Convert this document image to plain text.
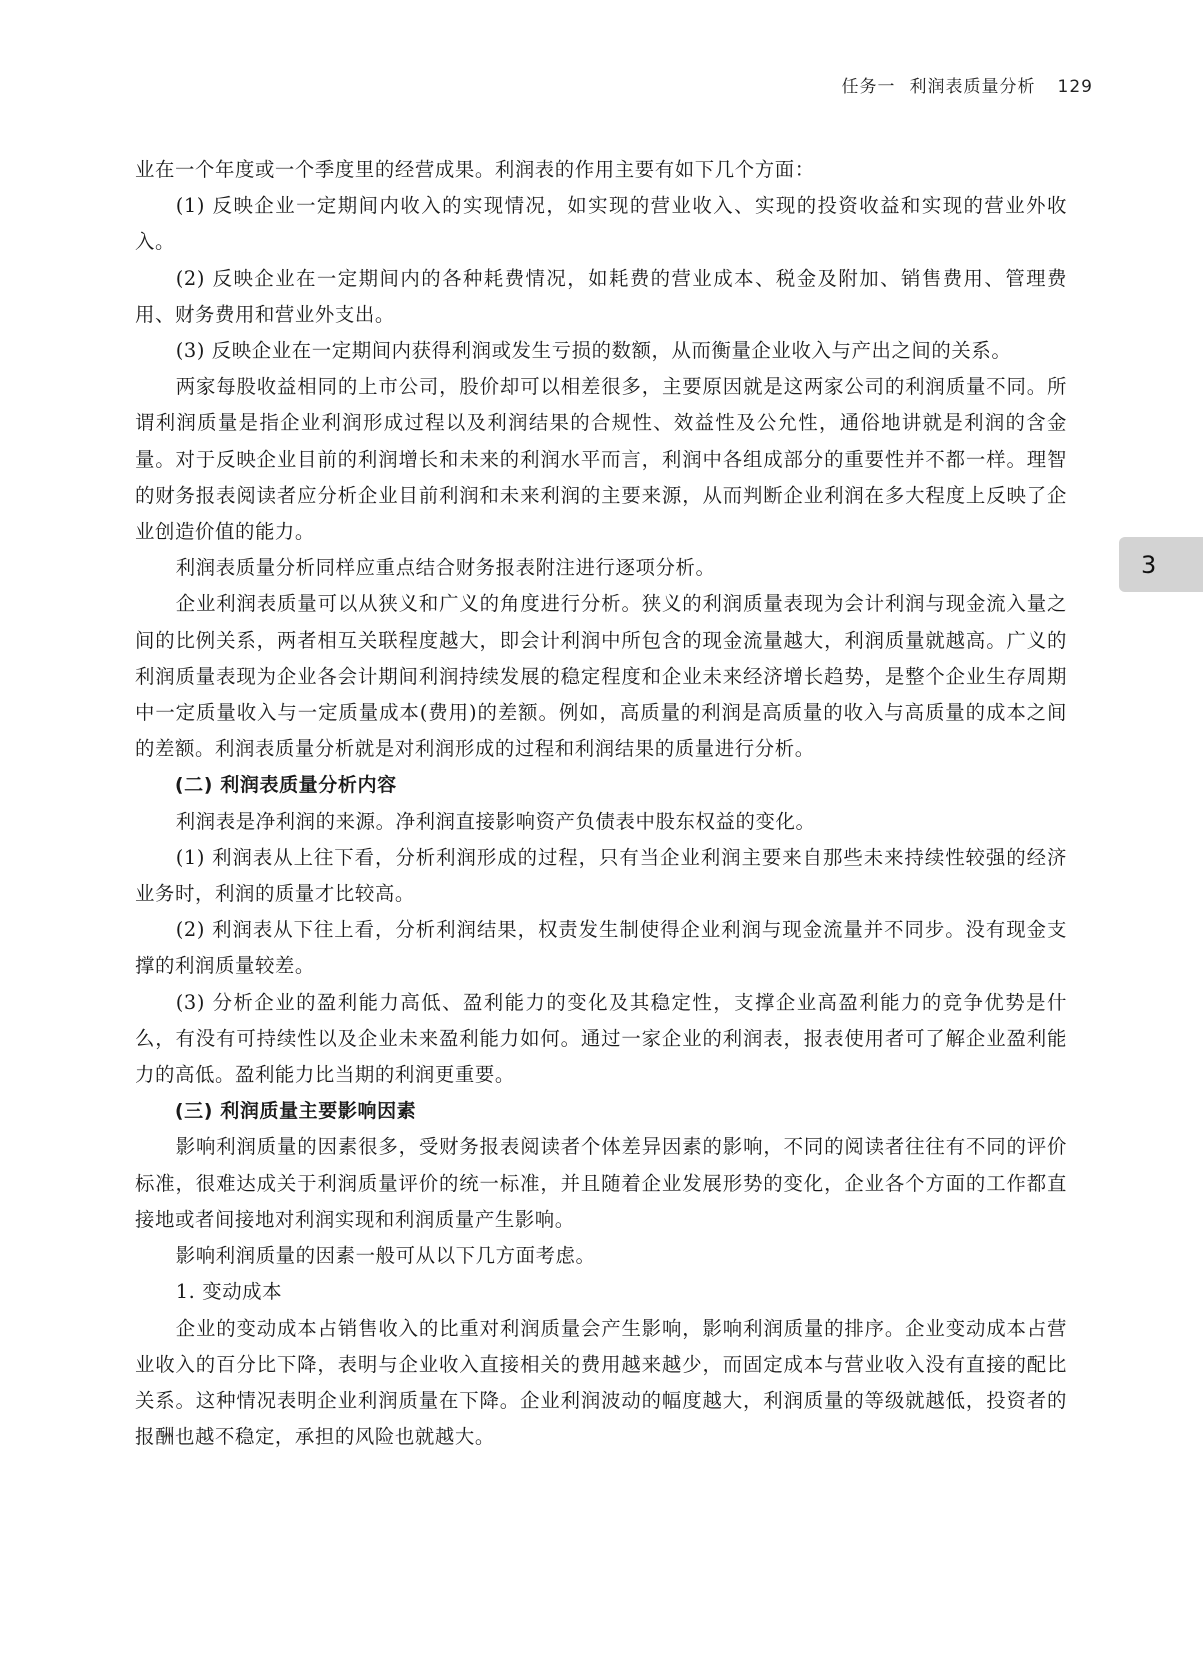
任务一 利润表质量分析 129
3

业在一个年度或一个季度里的经营成果。利润表的作用主要有如下几个方面：

(1) 反映企业一定期间内收入的实现情况，如实现的营业收入、实现的投资收益和实现的营业外收入。

(2) 反映企业在一定期间内的各种耗费情况，如耗费的营业成本、税金及附加、销售费用、管理费用、财务费用和营业外支出。

(3) 反映企业在一定期间内获得利润或发生亏损的数额，从而衡量企业收入与产出之间的关系。

两家每股收益相同的上市公司，股价却可以相差很多，主要原因就是这两家公司的利润质量不同。所谓利润质量是指企业利润形成过程以及利润结果的合规性、效益性及公允性，通俗地讲就是利润的含金量。对于反映企业目前的利润增长和未来的利润水平而言，利润中各组成部分的重要性并不都一样。理智的财务报表阅读者应分析企业目前利润和未来利润的主要来源，从而判断企业利润在多大程度上反映了企业创造价值的能力。

利润表质量分析同样应重点结合财务报表附注进行逐项分析。

企业利润表质量可以从狭义和广义的角度进行分析。狭义的利润质量表现为会计利润与现金流入量之间的比例关系，两者相互关联程度越大，即会计利润中所包含的现金流量越大，利润质量就越高。广义的利润质量表现为企业各会计期间利润持续发展的稳定程度和企业未来经济增长趋势，是整个企业生存周期中一定质量收入与一定质量成本(费用)的差额。例如，高质量的利润是高质量的收入与高质量的成本之间的差额。利润表质量分析就是对利润形成的过程和利润结果的质量进行分析。

(二) 利润表质量分析内容

利润表是净利润的来源。净利润直接影响资产负债表中股东权益的变化。

(1) 利润表从上往下看，分析利润形成的过程，只有当企业利润主要来自那些未来持续性较强的经济业务时，利润的质量才比较高。

(2) 利润表从下往上看，分析利润结果，权责发生制使得企业利润与现金流量并不同步。没有现金支撑的利润质量较差。

(3) 分析企业的盈利能力高低、盈利能力的变化及其稳定性，支撑企业高盈利能力的竞争优势是什么，有没有可持续性以及企业未来盈利能力如何。通过一家企业的利润表，报表使用者可了解企业盈利能力的高低。盈利能力比当期的利润更重要。

(三) 利润质量主要影响因素

影响利润质量的因素很多，受财务报表阅读者个体差异因素的影响，不同的阅读者往往有不同的评价标准，很难达成关于利润质量评价的统一标准，并且随着企业发展形势的变化，企业各个方面的工作都直接地或者间接地对利润实现和利润质量产生影响。

影响利润质量的因素一般可从以下几方面考虑。

1. 变动成本

企业的变动成本占销售收入的比重对利润质量会产生影响，影响利润质量的排序。企业变动成本占营业收入的百分比下降，表明与企业收入直接相关的费用越来越少，而固定成本与营业收入没有直接的配比关系。这种情况表明企业利润质量在下降。企业利润波动的幅度越大，利润质量的等级就越低，投资者的报酬也越不稳定，承担的风险也就越大。
